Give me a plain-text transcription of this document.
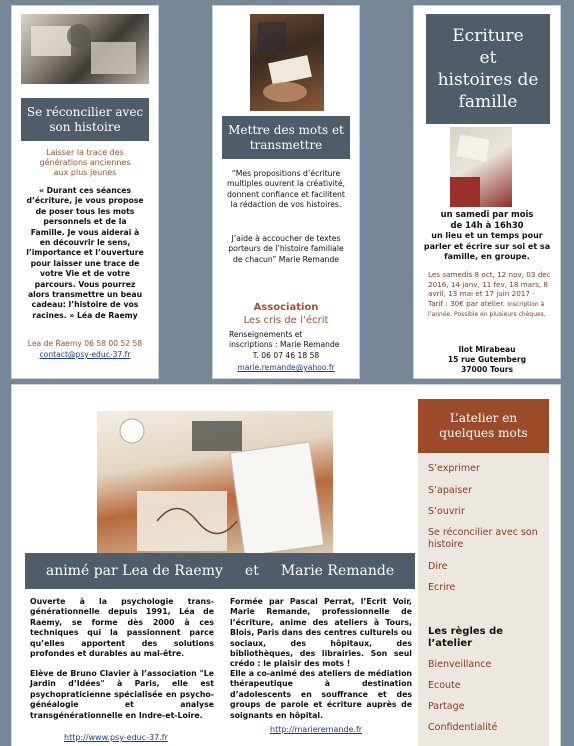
Se réconcilier avec son histoire
Laisser la trace des générations anciennes aux plus jeunes
« Durant ces séances d’écriture, je vous propose de poser tous les mots personnels et de la Famille. Je vous aiderai à en découvrir le sens, l’importance et l’ouverture pour laisser une trace de votre Vie et de votre parcours. Vous pourrez alors transmettre un beau cadeau: l’histoire de vos racines. » Léa de Raemy
Lea de Raemy 06 58 00 52 58
contact@psy-educ-37.fr
Mettre des mots et transmettre
“Mes propositions d’écriture multiples ouvrent la créativité, donnent confiance et facilitent la rédaction de vos histoires.
J’aide à accoucher de textes porteurs de l’histoire familiale de chacun” Marie Remande
Association
Les cris de l’écrit
Renseignements et inscriptions : Marie Remande
T. 06 07 46 18 58
marie.remande@yahoo.fr
Ecriture
et
histoires de
famille
un samedi par mois
de 14h à 16h30
un lieu et un temps pour parler et écrire sur soi et sa famille, en groupe.
Les samedis 8 oct, 12 nov, 03 dec 2016, 14 janv, 11 fev, 18 mars, 8 avril, 13 mai et 17 juin 2017 - Tarif : 30€ par atelier. Inscription à l’année. Possible en plusieurs chèques.
Ilot Mirabeau
15 rue Gutemberg
37000 Tours
animé par Lea de Raemy et Marie Remande
Ouverte à la psychologie trans-générationnelle depuis 1991, Léa de Raemy, se forme dès 2000 à ces techniques qui la passionnent parce qu’elles apportent des solutions profondes et durables au mal-être.
Elève de Bruno Clavier à l’association "Le Jardin d’Idées" à Paris, elle est psychopraticienne spécialisée en psycho-généalogie et analyse transgénérationnelle en Indre-et-Loire.
http://www.psy-educ-37.fr
Formée par Pascal Perrat, l’Ecrit Voir, Marie Remande, professionnelle de l’écriture, anime des ateliers à Tours, Blois, Paris dans des centres culturels ou sociaux, des hôpitaux, des bibliothèques, des librairies. Son seul crédo : le plaisir des mots !
Elle a co-animé des ateliers de médiation thérapeutique à destination d’adolescents en souffrance et des groups de parole et écriture auprès de soignants en hôpital.
http://marieremande.fr
L’atelier en quelques mots
S’exprimer
S’apaiser
S’ouvrir
Se réconcilier avec son histoire
Dire
Ecrire
Les règles de l’atelier
Bienveillance
Ecoute
Partage
Confidentialité
